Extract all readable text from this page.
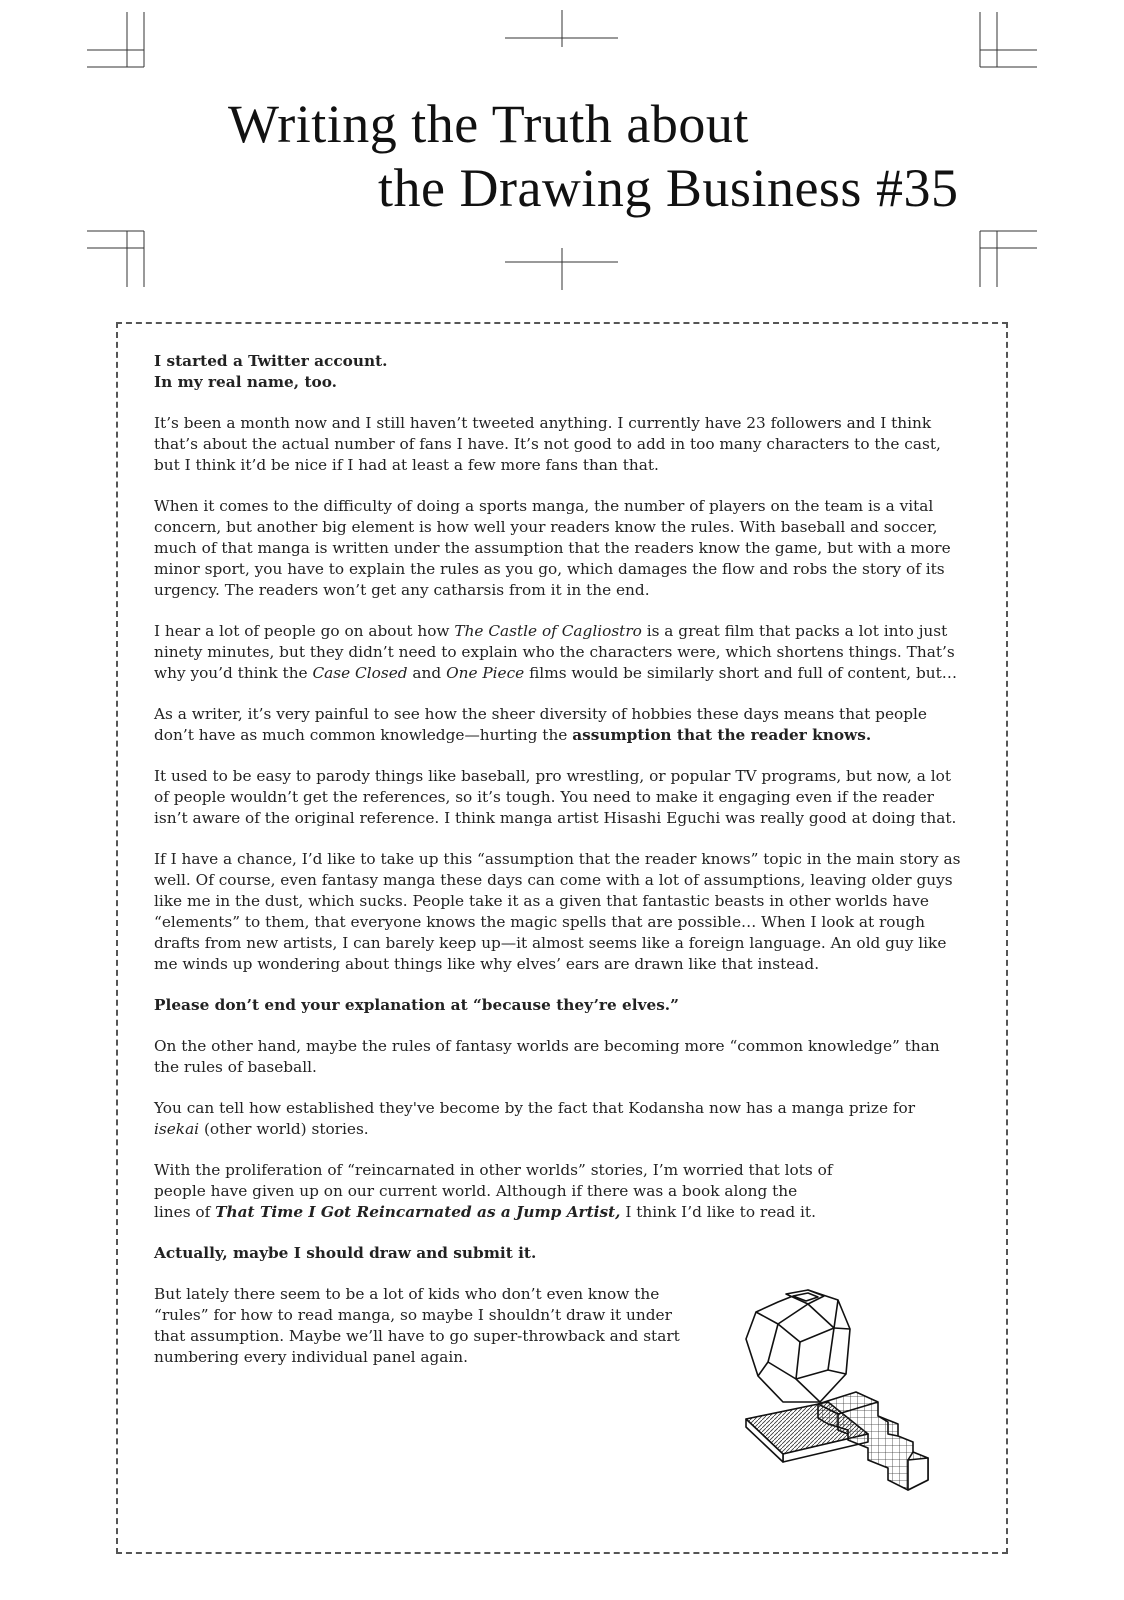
Writing the Truth about
the Drawing Business #35

I started a Twitter account.
In my real name, too.

It’s been a month now and I still haven’t tweeted anything. I currently have 23 followers and I think that’s about the actual number of fans I have. It’s not good to add in too many characters to the cast, but I think it’d be nice if I had at least a few more fans than that.

When it comes to the difficulty of doing a sports manga, the number of players on the team is a vital concern, but another big element is how well your readers know the rules. With baseball and soccer, much of that manga is written under the assumption that the readers know the game, but with a more minor sport, you have to explain the rules as you go, which damages the flow and robs the story of its urgency. The readers won’t get any catharsis from it in the end.

I hear a lot of people go on about how The Castle of Cagliostro is a great film that packs a lot into just ninety minutes, but they didn’t need to explain who the characters were, which shortens things. That’s why you’d think the Case Closed and One Piece films would be similarly short and full of content, but…

As a writer, it’s very painful to see how the sheer diversity of hobbies these days means that people don’t have as much common knowledge—hurting the assumption that the reader knows.

It used to be easy to parody things like baseball, pro wrestling, or popular TV programs, but now, a lot of people wouldn’t get the references, so it’s tough. You need to make it engaging even if the reader isn’t aware of the original reference. I think manga artist Hisashi Eguchi was really good at doing that.

If I have a chance, I’d like to take up this “assumption that the reader knows” topic in the main story as well. Of course, even fantasy manga these days can come with a lot of assumptions, leaving older guys like me in the dust, which sucks. People take it as a given that fantastic beasts in other worlds have “elements” to them, that everyone knows the magic spells that are possible… When I look at rough drafts from new artists, I can barely keep up—it almost seems like a foreign language. An old guy like me winds up wondering about things like why elves’ ears are drawn like that instead.

Please don’t end your explanation at “because they’re elves.”

On the other hand, maybe the rules of fantasy worlds are becoming more “common knowledge” than the rules of baseball.

You can tell how established they've become by the fact that Kodansha now has a manga prize for isekai (other world) stories.

With the proliferation of “reincarnated in other worlds” stories, I’m worried that lots of people have given up on our current world. Although if there was a book along the lines of That Time I Got Reincarnated as a Jump Artist, I think I’d like to read it.

Actually, maybe I should draw and submit it.

But lately there seem to be a lot of kids who don’t even know the “rules” for how to read manga, so maybe I shouldn’t draw it under that assumption. Maybe we’ll have to go super-throwback and start numbering every individual panel again.
